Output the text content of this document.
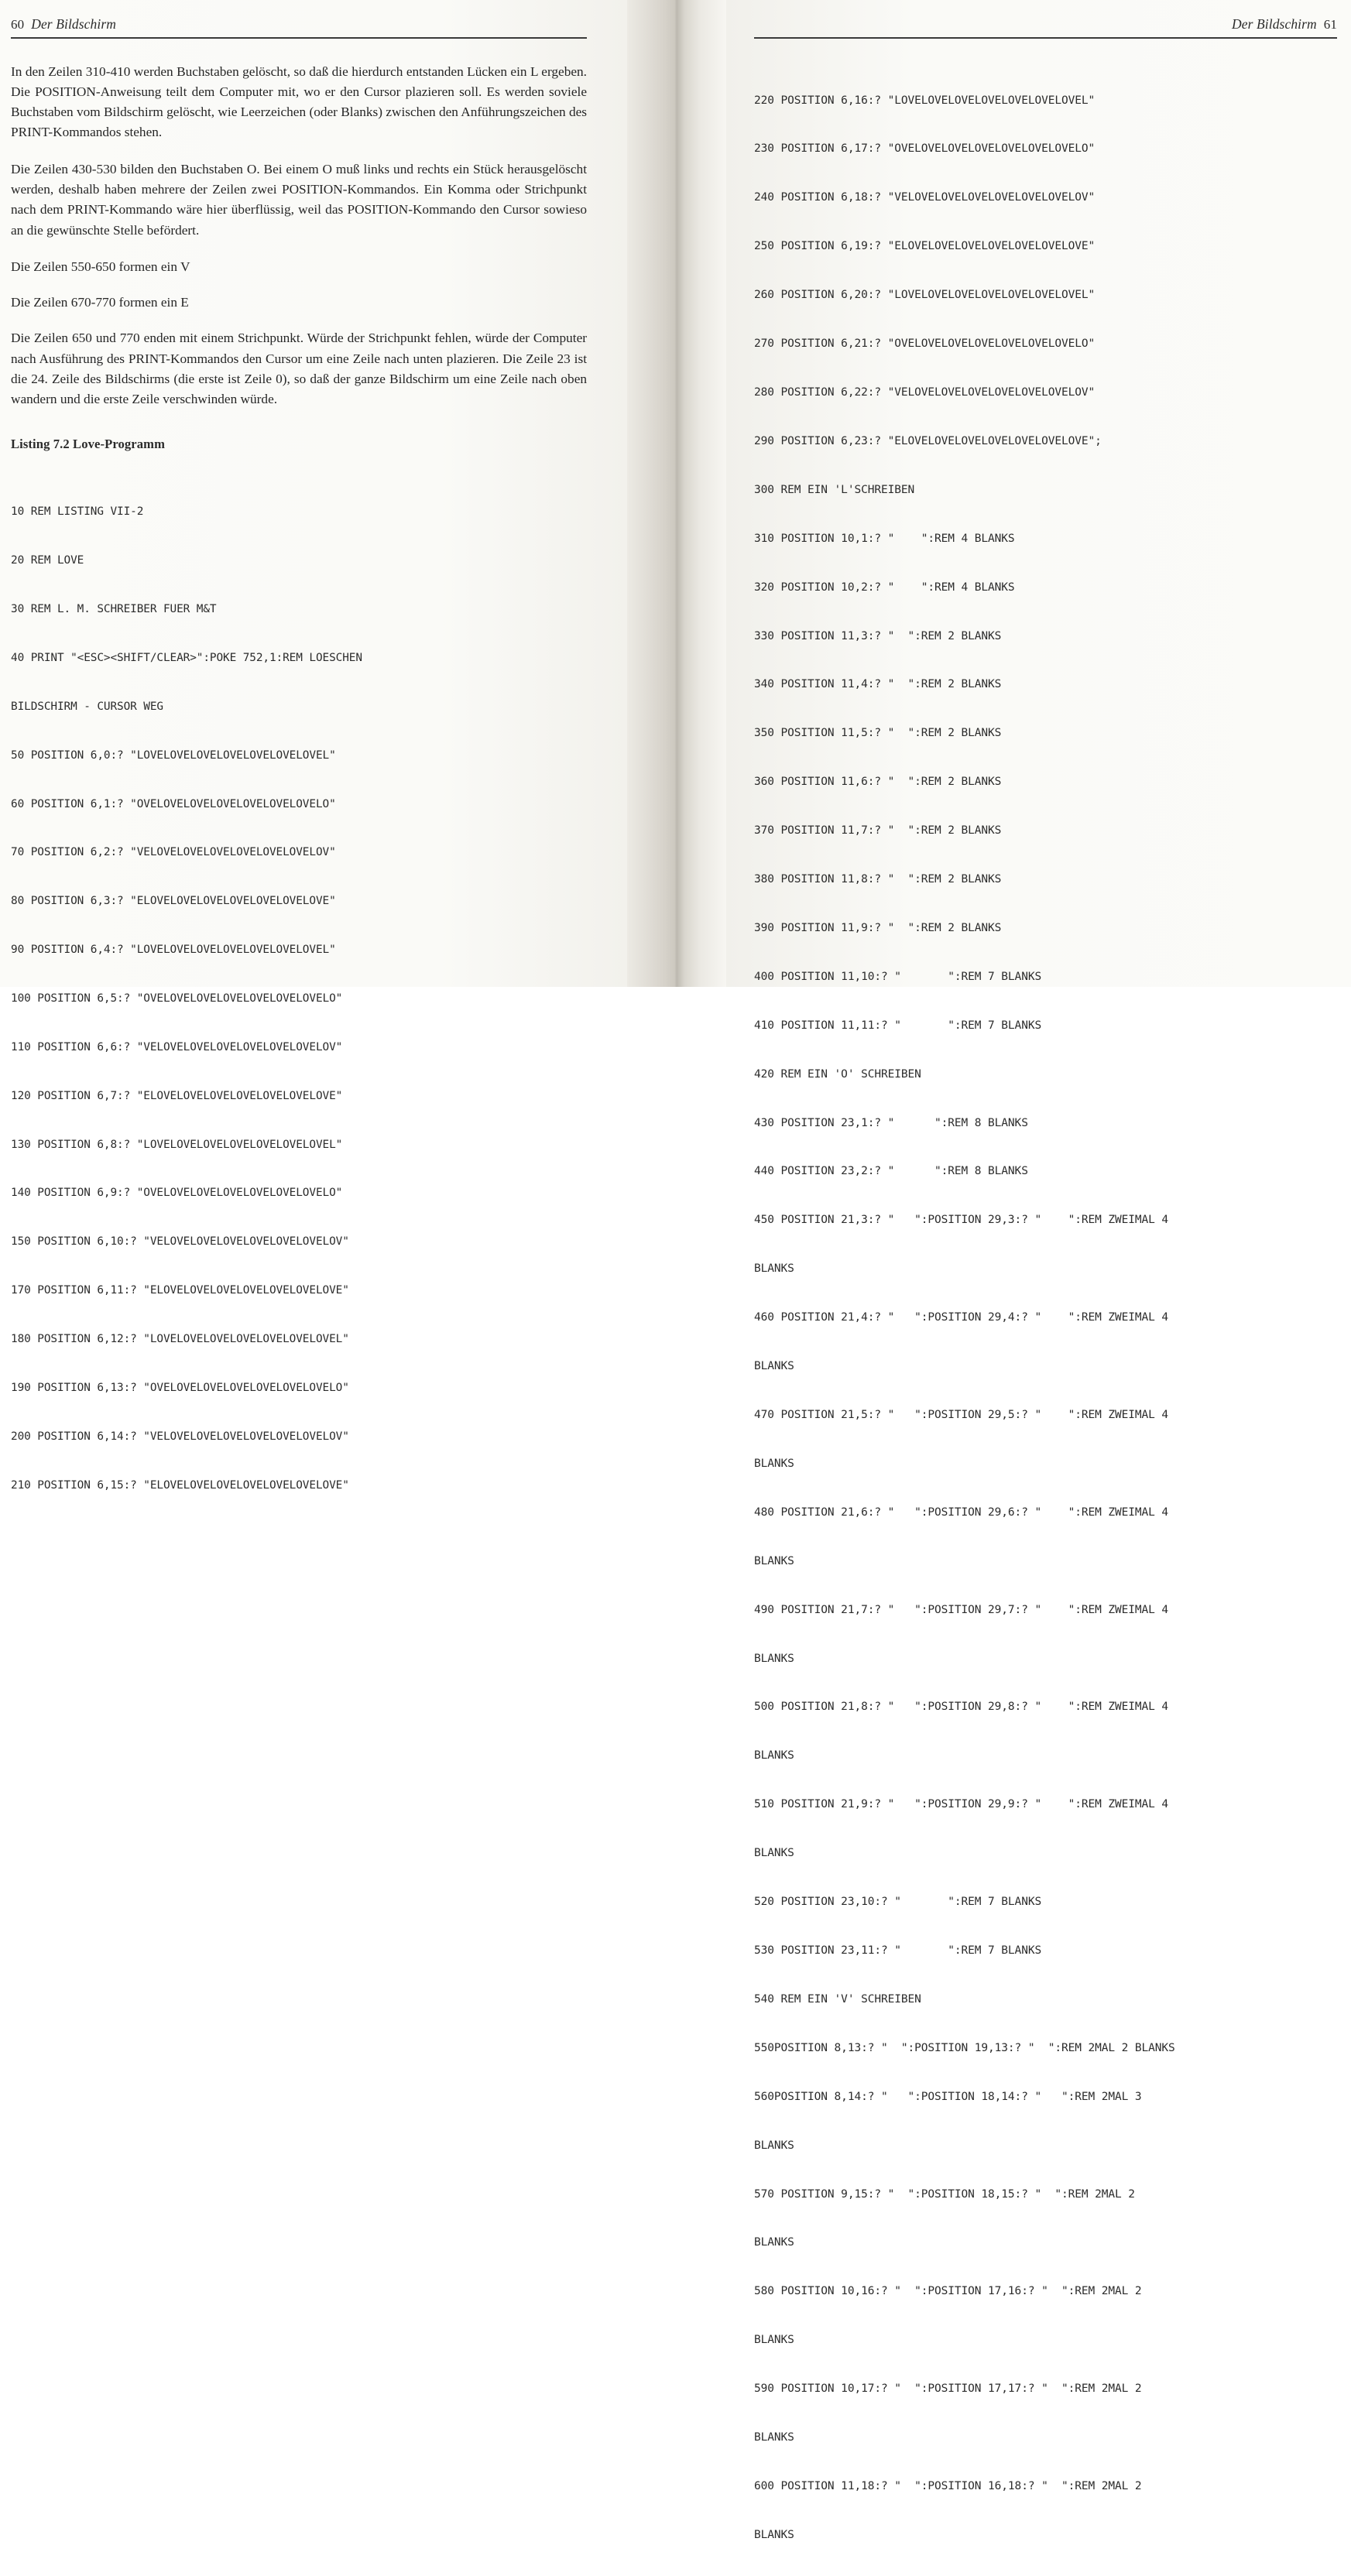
60 Der Bildschirm

In den Zeilen 310-410 werden Buchstaben gelöscht, so daß die hierdurch entstanden Lücken ein L ergeben. Die POSITION-Anweisung teilt dem Computer mit, wo er den Cursor plazieren soll. Es werden soviele Buchstaben vom Bildschirm gelöscht, wie Leerzeichen (oder Blanks) zwischen den Anführungszeichen des PRINT-Kommandos stehen.

Die Zeilen 430-530 bilden den Buchstaben O. Bei einem O muß links und rechts ein Stück herausgelöscht werden, deshalb haben mehrere der Zeilen zwei POSITION-Kommandos. Ein Komma oder Strichpunkt nach dem PRINT-Kommando wäre hier überflüssig, weil das POSITION-Kommando den Cursor sowieso an die gewünschte Stelle befördert.

Die Zeilen 550-650 formen ein V

Die Zeilen 670-770 formen ein E

Die Zeilen 650 und 770 enden mit einem Strichpunkt. Würde der Strichpunkt fehlen, würde der Computer nach Ausführung des PRINT-Kommandos den Cursor um eine Zeile nach unten plazieren. Die Zeile 23 ist die 24. Zeile des Bildschirms (die erste ist Zeile 0), so daß der ganze Bildschirm um eine Zeile nach oben wandern und die erste Zeile verschwinden würde.

Listing 7.2 Love-Programm

10 REM LISTING VII-2

20 REM LOVE

30 REM L. M. SCHREIBER FUER M&T

40 PRINT "<ESC><SHIFT/CLEAR>":POKE 752,1:REM LOESCHEN

BILDSCHIRM - CURSOR WEG

50 POSITION 6,0:? "LOVELOVELOVELOVELOVELOVELOVEL"

60 POSITION 6,1:? "OVELOVELOVELOVELOVELOVELOVELO"

70 POSITION 6,2:? "VELOVELOVELOVELOVELOVELOVELOV"

80 POSITION 6,3:? "ELOVELOVELOVELOVELOVELOVELOVE"

90 POSITION 6,4:? "LOVELOVELOVELOVELOVELOVELOVEL"

100 POSITION 6,5:? "OVELOVELOVELOVELOVELOVELOVELO"

110 POSITION 6,6:? "VELOVELOVELOVELOVELOVELOVELOV"

120 POSITION 6,7:? "ELOVELOVELOVELOVELOVELOVELOVE"

130 POSITION 6,8:? "LOVELOVELOVELOVELOVELOVELOVEL"

140 POSITION 6,9:? "OVELOVELOVELOVELOVELOVELOVELO"

150 POSITION 6,10:? "VELOVELOVELOVELOVELOVELOVELOV"

170 POSITION 6,11:? "ELOVELOVELOVELOVELOVELOVELOVE"

180 POSITION 6,12:? "LOVELOVELOVELOVELOVELOVELOVEL"

190 POSITION 6,13:? "OVELOVELOVELOVELOVELOVELOVELO"

200 POSITION 6,14:? "VELOVELOVELOVELOVELOVELOVELOV"

210 POSITION 6,15:? "ELOVELOVELOVELOVELOVELOVELOVE"

Der Bildschirm 61

220 POSITION 6,16:? "LOVELOVELOVELOVELOVELOVELOVEL"

230 POSITION 6,17:? "OVELOVELOVELOVELOVELOVELOVELO"

240 POSITION 6,18:? "VELOVELOVELOVELOVELOVELOVELOV"

250 POSITION 6,19:? "ELOVELOVELOVELOVELOVELOVELOVE"

260 POSITION 6,20:? "LOVELOVELOVELOVELOVELOVELOVEL"

270 POSITION 6,21:? "OVELOVELOVELOVELOVELOVELOVELO"

280 POSITION 6,22:? "VELOVELOVELOVELOVELOVELOVELOV"

290 POSITION 6,23:? "ELOVELOVELOVELOVELOVELOVELOVE";

300 REM EIN 'L'SCHREIBEN

310 POSITION 10,1:? "    ":REM 4 BLANKS

320 POSITION 10,2:? "    ":REM 4 BLANKS

330 POSITION 11,3:? "  ":REM 2 BLANKS

340 POSITION 11,4:? "  ":REM 2 BLANKS

350 POSITION 11,5:? "  ":REM 2 BLANKS

360 POSITION 11,6:? "  ":REM 2 BLANKS

370 POSITION 11,7:? "  ":REM 2 BLANKS

380 POSITION 11,8:? "  ":REM 2 BLANKS

390 POSITION 11,9:? "  ":REM 2 BLANKS

400 POSITION 11,10:? "       ":REM 7 BLANKS

410 POSITION 11,11:? "       ":REM 7 BLANKS

420 REM EIN 'O' SCHREIBEN

430 POSITION 23,1:? "      ":REM 8 BLANKS

440 POSITION 23,2:? "      ":REM 8 BLANKS

450 POSITION 21,3:? "   ":POSITION 29,3:? "    ":REM ZWEIMAL 4

BLANKS

460 POSITION 21,4:? "   ":POSITION 29,4:? "    ":REM ZWEIMAL 4

BLANKS

470 POSITION 21,5:? "   ":POSITION 29,5:? "    ":REM ZWEIMAL 4

BLANKS

480 POSITION 21,6:? "   ":POSITION 29,6:? "    ":REM ZWEIMAL 4

BLANKS

490 POSITION 21,7:? "   ":POSITION 29,7:? "    ":REM ZWEIMAL 4

BLANKS

500 POSITION 21,8:? "   ":POSITION 29,8:? "    ":REM ZWEIMAL 4

BLANKS

510 POSITION 21,9:? "   ":POSITION 29,9:? "    ":REM ZWEIMAL 4

BLANKS

520 POSITION 23,10:? "       ":REM 7 BLANKS

530 POSITION 23,11:? "       ":REM 7 BLANKS

540 REM EIN 'V' SCHREIBEN

550POSITION 8,13:? "  ":POSITION 19,13:? "  ":REM 2MAL 2 BLANKS

560POSITION 8,14:? "   ":POSITION 18,14:? "   ":REM 2MAL 3

BLANKS

570 POSITION 9,15:? "  ":POSITION 18,15:? "  ":REM 2MAL 2

BLANKS

580 POSITION 10,16:? "  ":POSITION 17,16:? "  ":REM 2MAL 2

BLANKS

590 POSITION 10,17:? "  ":POSITION 17,17:? "  ":REM 2MAL 2

BLANKS

600 POSITION 11,18:? "  ":POSITION 16,18:? "  ":REM 2MAL 2

BLANKS
